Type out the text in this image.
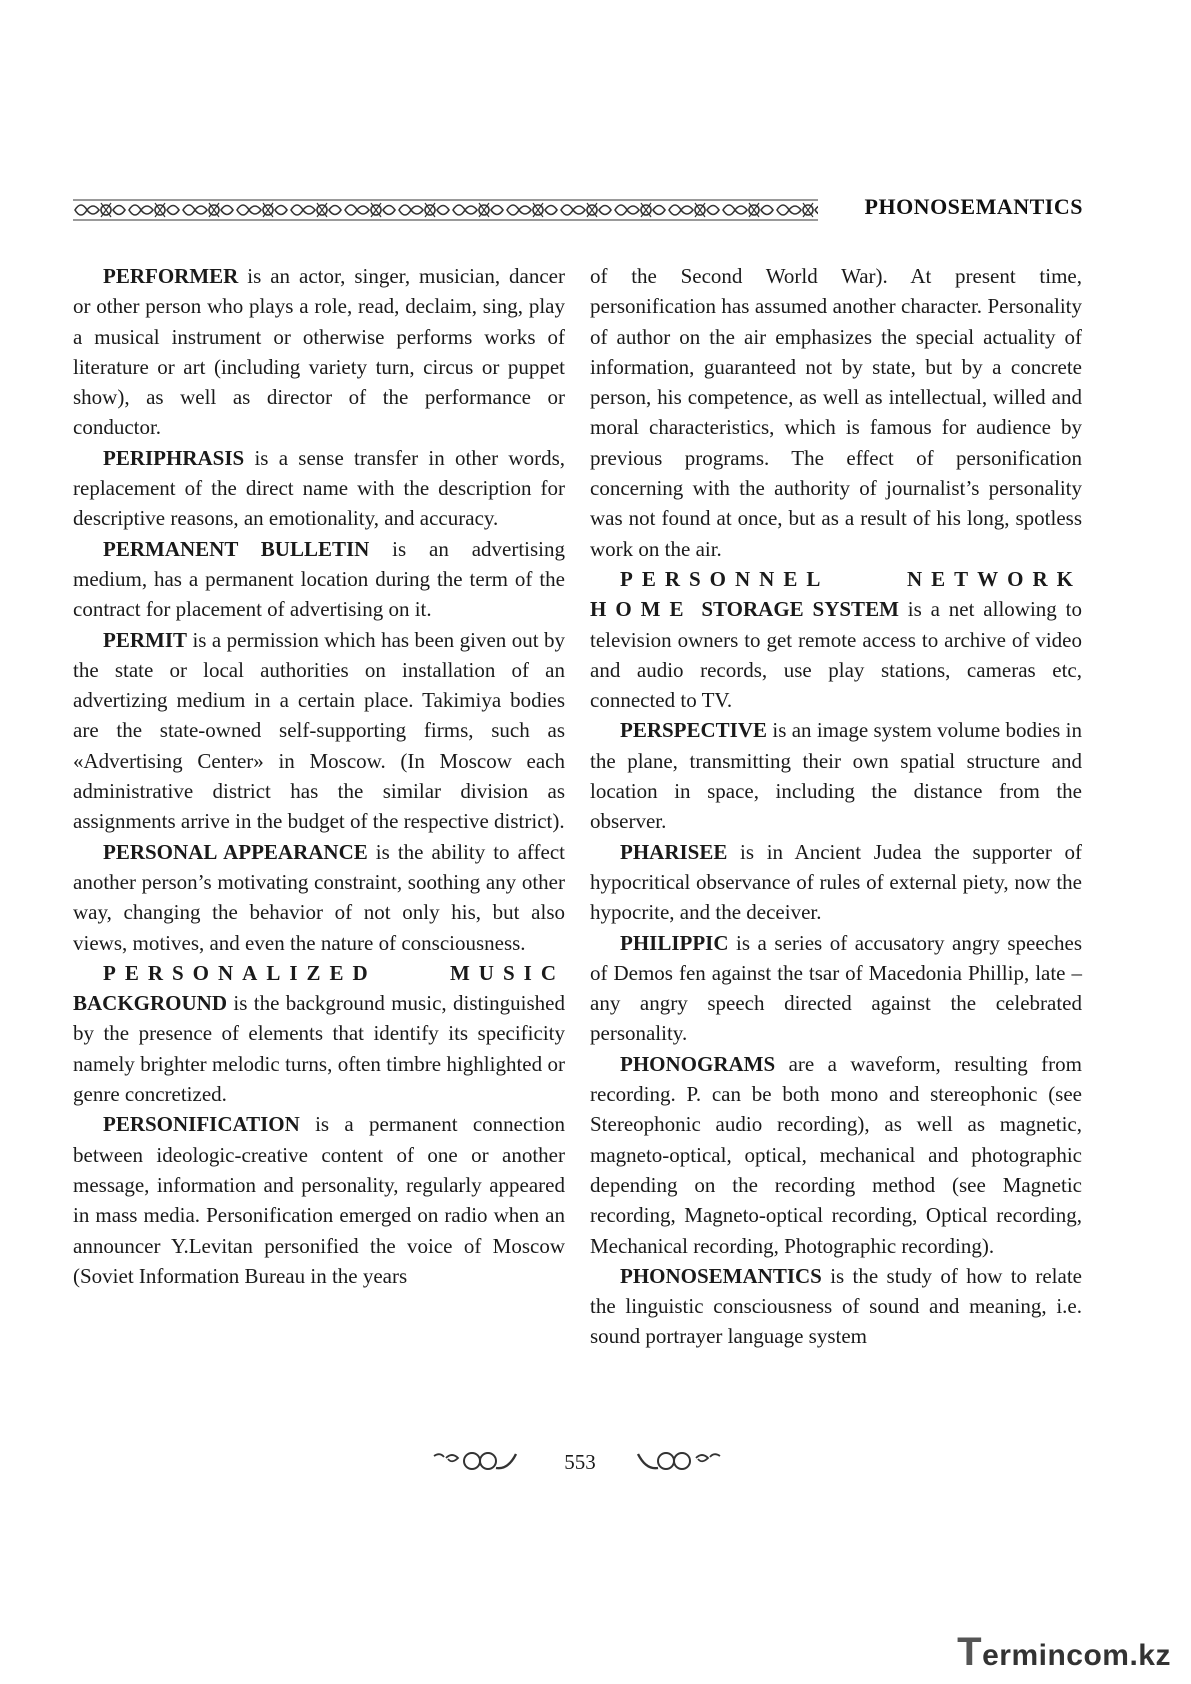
PHONOSEMANTICS

PERFORMER is an actor, singer, musician, dancer or other person who plays a role, read, declaim, sing, play a musical instrument or otherwise performs works of literature or art (including variety turn, circus or puppet show), as well as director of the performance or conductor.

PERIPHRASIS is a sense transfer in other words, replacement of the direct name with the description for descriptive reasons, an emotionality, and accuracy.

PERMANENT BULLETIN is an advertising medium, has a permanent location during the term of the contract for placement of advertising on it.

PERMIT is a permission which has been given out by the state or local authorities on installation of an advertizing medium in a certain place. Takimiya bodies are the state-owned self-supporting firms, such as «Advertising Center» in Moscow. (In Moscow each administrative district has the similar division as assignments arrive in the budget of the respective district).

PERSONAL APPEARANCE is the ability to affect another person’s motivating constraint, soothing any other way, changing the behavior of not only his, but also views, motives, and even the nature of consciousness.

PERSONALIZED MUSIC BACKGROUND is the background music, distinguished by the presence of elements that identify its specificity namely brighter melodic turns, often timbre highlighted or genre concretized.

PERSONIFICATION is a permanent connection between ideologic-creative content of one or another message, information and personality, regularly appeared in mass media. Personification emerged on radio when an announcer Y.Levitan personified the voice of Moscow (Soviet Information Bureau in the years

of the Second World War). At present time, personification has assumed another character. Personality of author on the air emphasizes the special actuality of information, guaranteed not by state, but by a concrete person, his competence, as well as intellectual, willed and moral characteristics, which is famous for audience by previous programs. The effect of personification concerning with the authority of journalist’s personality was not found at once, but as a result of his long, spotless work on the air.

PERSONNEL NETWORK HOME STORAGE SYSTEM is a net allowing to television owners to get remote access to archive of video and audio records, use play stations, cameras etc, connected to TV.

PERSPECTIVE is an image system volume bodies in the plane, transmitting their own spatial structure and location in space, including the distance from the observer.

PHARISEE is in Ancient Judea the supporter of hypocritical observance of rules of external piety, now the hypocrite, and the deceiver.

PHILIPPIC is a series of accusatory angry speeches of Demos fen against the tsar of Macedonia Phillip, late – any angry speech directed against the celebrated personality.

PHONOGRAMS are a waveform, resulting from recording. P. can be both mono and stereophonic (see Stereophonic audio recording), as well as magnetic, magneto-optical, optical, mechanical and photographic depending on the recording method (see Magnetic recording, Magneto-optical recording, Optical recording, Mechanical recording, Photographic recording).

PHONOSEMANTICS is the study of how to relate the linguistic consciousness of sound and meaning, i.e. sound portrayer language system

553
Termincom.kz
